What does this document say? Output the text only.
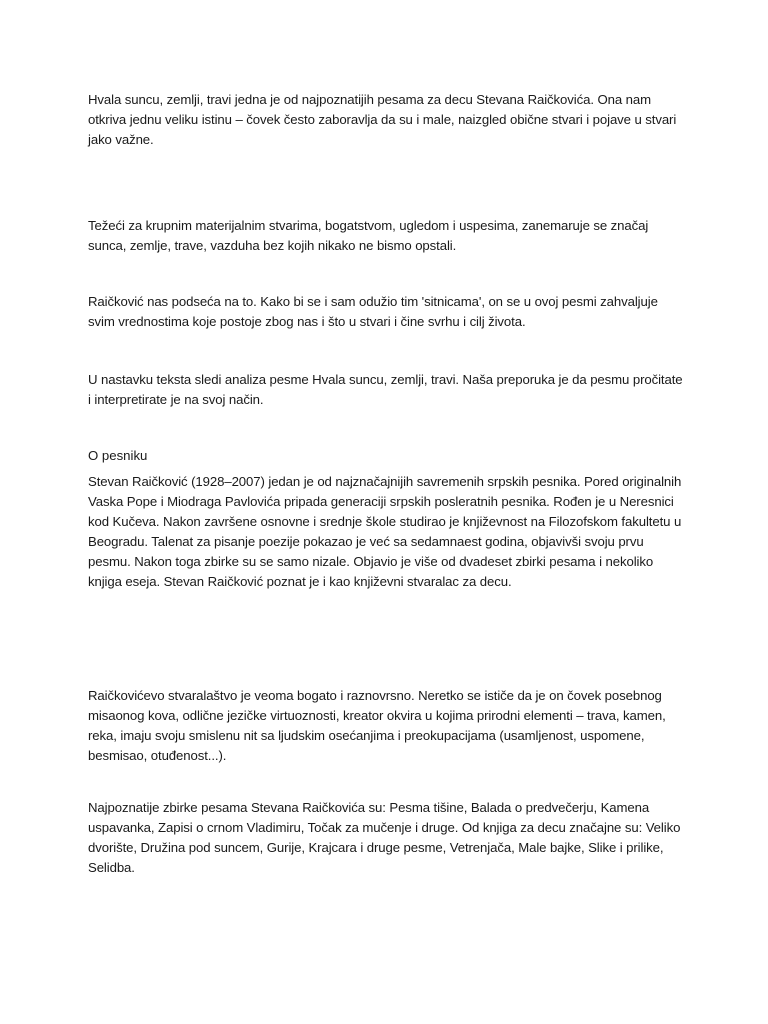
Hvala suncu, zemlji, travi jedna je od najpoznatijih pesama za decu Stevana Raičkovića. Ona nam otkriva jednu veliku istinu – čovek često zaboravlja da su i male, naizgled obične stvari i pojave u stvari jako važne.

Težeći za krupnim materijalnim stvarima, bogatstvom, ugledom i uspesima, zanemaruje se značaj sunca, zemlje, trave, vazduha bez kojih nikako ne bismo opstali.

Raičković nas podseća na to. Kako bi se i sam odužio tim 'sitnicama', on se u ovoj pesmi zahvaljuje svim vrednostima koje postoje zbog nas i što u stvari i čine svrhu i cilj života.

U nastavku teksta sledi analiza pesme Hvala suncu, zemlji, travi. Naša preporuka je da pesmu pročitate i interpretirate je na svoj način.

O pesniku

Stevan Raičković (1928–2007) jedan je od najznačajnijih savremenih srpskih pesnika. Pored originalnih Vaska Pope i Miodraga Pavlovića pripada generaciji srpskih posleratnih pesnika. Rođen je u Neresnici kod Kučeva. Nakon završene osnovne i srednje škole studirao je književnost na Filozofskom fakultetu u Beogradu. Talenat za pisanje poezije pokazao je već sa sedamnaest godina, objavivši svoju prvu pesmu. Nakon toga zbirke su se samo nizale. Objavio je više od dvadeset zbirki pesama i nekoliko knjiga eseja. Stevan Raičković poznat je i kao književni stvaralac za decu.

Raičkovićevo stvaralaštvo je veoma bogato i raznovrsno. Neretko se ističe da je on čovek posebnog misaonog kova, odlične jezičke virtuoznosti, kreator okvira u kojima prirodni elementi – trava, kamen, reka, imaju svoju smislenu nit sa ljudskim osećanjima i preokupacijama (usamljenost, uspomene, besmisao, otuđenost...).

Najpoznatije zbirke pesama Stevana Raičkovića su: Pesma tišine, Balada o predvečerju, Kamena uspavanka, Zapisi o crnom Vladimiru, Točak za mučenje i druge. Od knjiga za decu značajne su: Veliko dvorište, Družina pod suncem, Gurije, Krajcara i druge pesme, Vetrenjača, Male bajke, Slike i prilike, Selidba.
